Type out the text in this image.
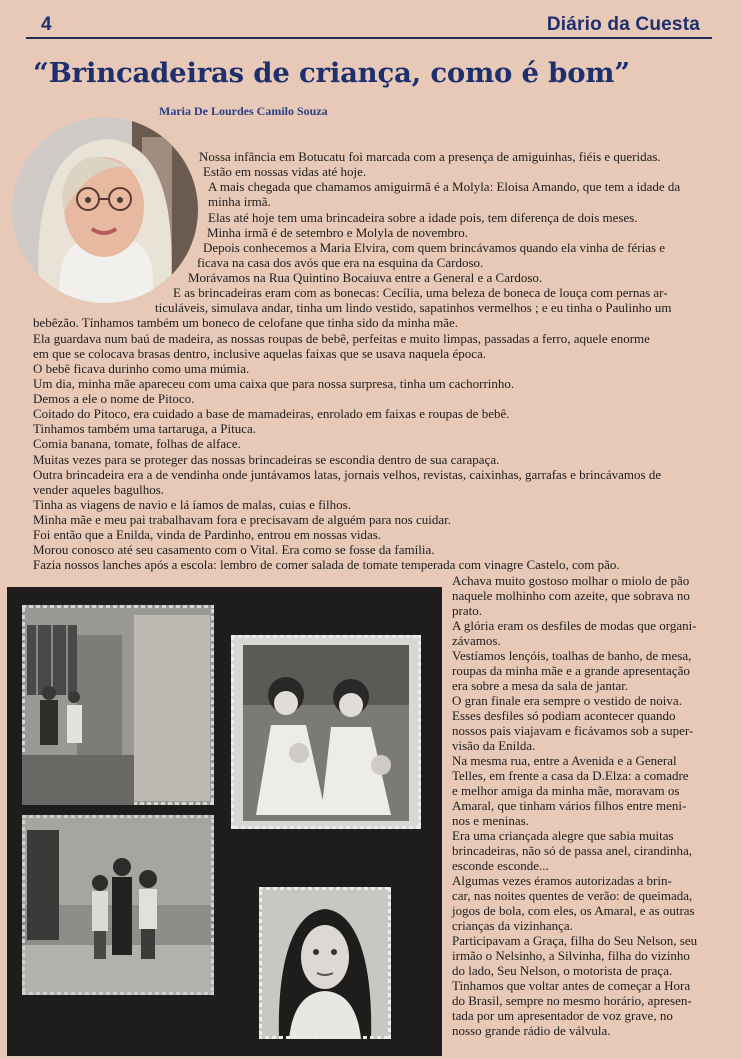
4	Diário da Cuesta
“Brincadeiras de criança, como é bom”
Maria De Lourdes Camilo Souza
Nossa infância em Botucatu foi marcada com a presença de amiguinhas, fiéis e queridas.
Estão em nossas vidas até hoje.
A mais chegada que chamamos amiguirmã é a Molyla: Eloisa Amando, que tem a idade da
minha irmã.
Elas até hoje tem uma brincadeira sobre a idade pois, tem diferença de dois meses.
Minha irmã é de setembro e Molyla de novembro.
Depois conhecemos a Maria Elvira, com quem brincávamos quando ela vinha de férias e
ficava na casa dos avós que era na esquina da Cardoso.
Morávamos na Rua Quintino Bocaiuva entre a General e a Cardoso.
E as brincadeiras eram com as bonecas: Cecília, uma beleza de boneca de louça com pernas ar-
ticuláveis, simulava andar, tinha um lindo vestido, sapatinhos vermelhos ; e eu tinha o Paulinho um
bebêzão. Tínhamos também um boneco de celofane que tinha sido da minha mãe.
Ela guardava num baú de madeira, as nossas roupas de bebê, perfeitas e muito limpas, passadas a ferro, aquele enorme
em que se colocava brasas dentro, inclusive aquelas faixas que se usava naquela época.
O bebê ficava durinho como uma múmia.
Um dia, minha mãe apareceu com uma caixa que para nossa surpresa, tinha um cachorrinho.
Demos a ele o nome de Pitoco.
Coitado do Pitoco, era cuidado a base de mamadeiras, enrolado em faixas e roupas de bebê.
Tinhamos também uma tartaruga, a Pituca.
Comia banana, tomate, folhas de alface.
Muitas vezes para se proteger das nossas brincadeiras se escondia dentro de sua carapaça.
Outra brincadeira era a de vendinha onde juntávamos latas, jornais velhos, revistas, caixinhas, garrafas e brincávamos de
vender aqueles bagulhos.
Tinha as viagens de navio e lá íamos de malas, cuias e filhos.
Minha mãe e meu pai trabalhavam fora e precisavam de alguém para nos cuidar.
Foi então que a Enilda, vinda de Pardinho, entrou em nossas vidas.
Morou conosco até seu casamento com o Vital. Era como se fosse da família.
Fazia nossos lanches após a escola: lembro de comer salada de tomate temperada com vinagre Castelo, com pão.
Achava muito gostoso molhar o miolo de pão
naquele molhinho com azeite, que sobrava no
prato.
A glória eram os desfiles de modas que organi-
závamos.
Vestíamos lençóis, toalhas de banho, de mesa,
roupas da minha mãe e a grande apresentação
era sobre a mesa da sala de jantar.
O gran finale era sempre o vestido de noiva.
Esses desfiles só podiam acontecer quando
nossos pais viajavam e ficávamos sob a super-
visão da Enilda.
Na mesma rua, entre a Avenida e a General
Telles, em frente a casa da D.Elza: a comadre
e melhor amiga da minha mãe, moravam os
Amaral, que tinham vários filhos entre meni-
nos e meninas.
Era uma criançada alegre que sabia muitas
brincadeiras, não só de passa anel, cirandinha,
esconde esconde...
Algumas vezes éramos autorizadas a brin-
car, nas noites quentes de verão: de queimada,
jogos de bola, com eles, os Amaral, e as outras
crianças da vizinhança.
Participavam a Graça, filha do Seu Nelson, seu
irmão o Nelsinho, a Silvinha, filha do vizinho
do lado, Seu Nelson, o motorista de praça.
Tinhamos que voltar antes de começar a Hora
do Brasil, sempre no mesmo horário, apresen-
tada por um apresentador de voz grave, no
nosso grande rádio de válvula.
